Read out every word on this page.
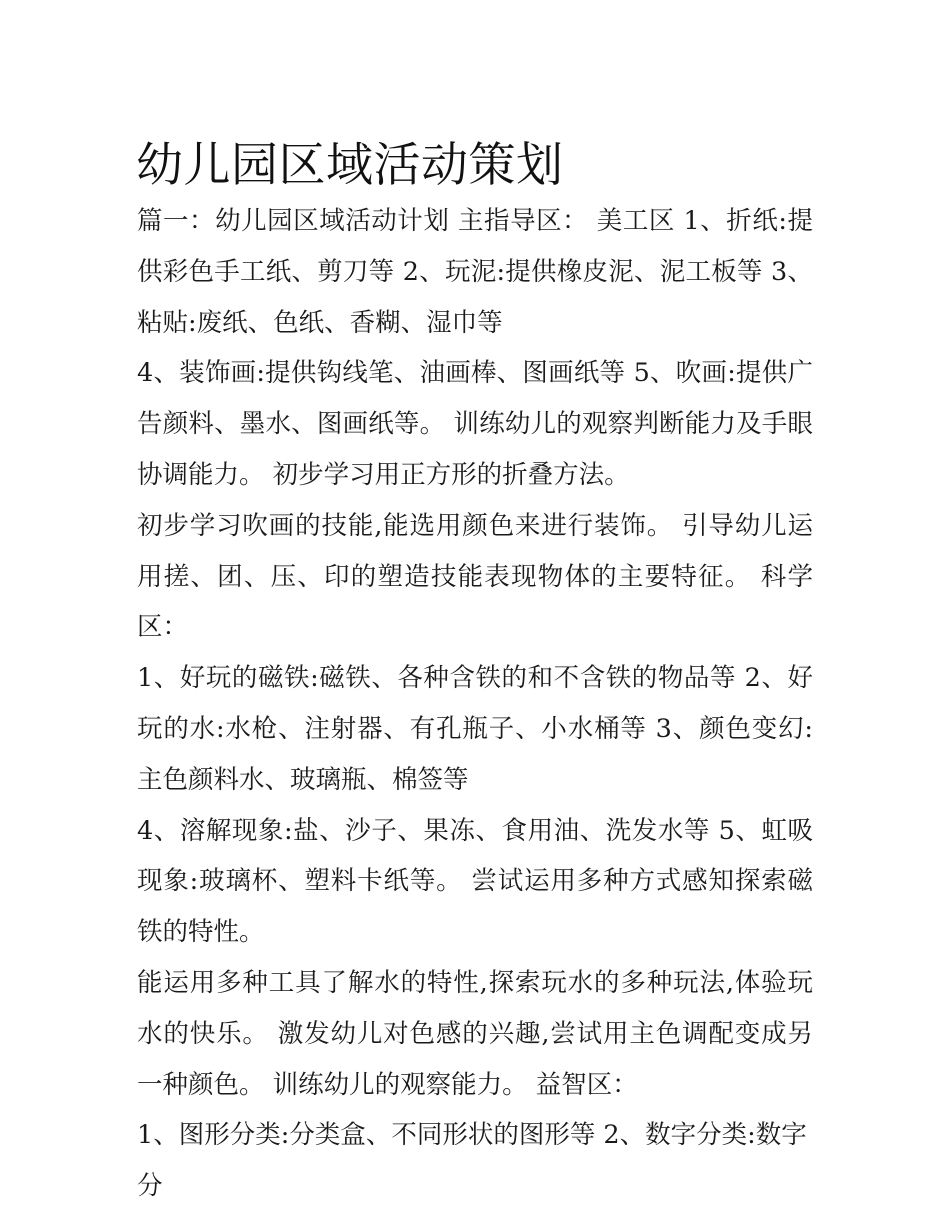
幼儿园区域活动策划

篇一：幼儿园区域活动计划 主指导区： 美工区 1、折纸:提供彩色手工纸、剪刀等 2、玩泥:提供橡皮泥、泥工板等 3、粘贴:废纸、色纸、香糊、湿巾等

4、装饰画:提供钩线笔、油画棒、图画纸等 5、吹画:提供广告颜料、墨水、图画纸等。 训练幼儿的观察判断能力及手眼协调能力。 初步学习用正方形的折叠方法。

初步学习吹画的技能,能选用颜色来进行装饰。 引导幼儿运用搓、团、压、印的塑造技能表现物体的主要特征。 科学区：

1、好玩的磁铁:磁铁、各种含铁的和不含铁的物品等 2、好玩的水:水枪、注射器、有孔瓶子、小水桶等 3、颜色变幻:主色颜料水、玻璃瓶、棉签等

4、溶解现象:盐、沙子、果冻、食用油、洗发水等 5、虹吸现象:玻璃杯、塑料卡纸等。 尝试运用多种方式感知探索磁铁的特性。

能运用多种工具了解水的特性,探索玩水的多种玩法,体验玩水的快乐。 激发幼儿对色感的兴趣,尝试用主色调配变成另一种颜色。 训练幼儿的观察能力。 益智区：

1、图形分类:分类盒、不同形状的图形等 2、数字分类:数字分
